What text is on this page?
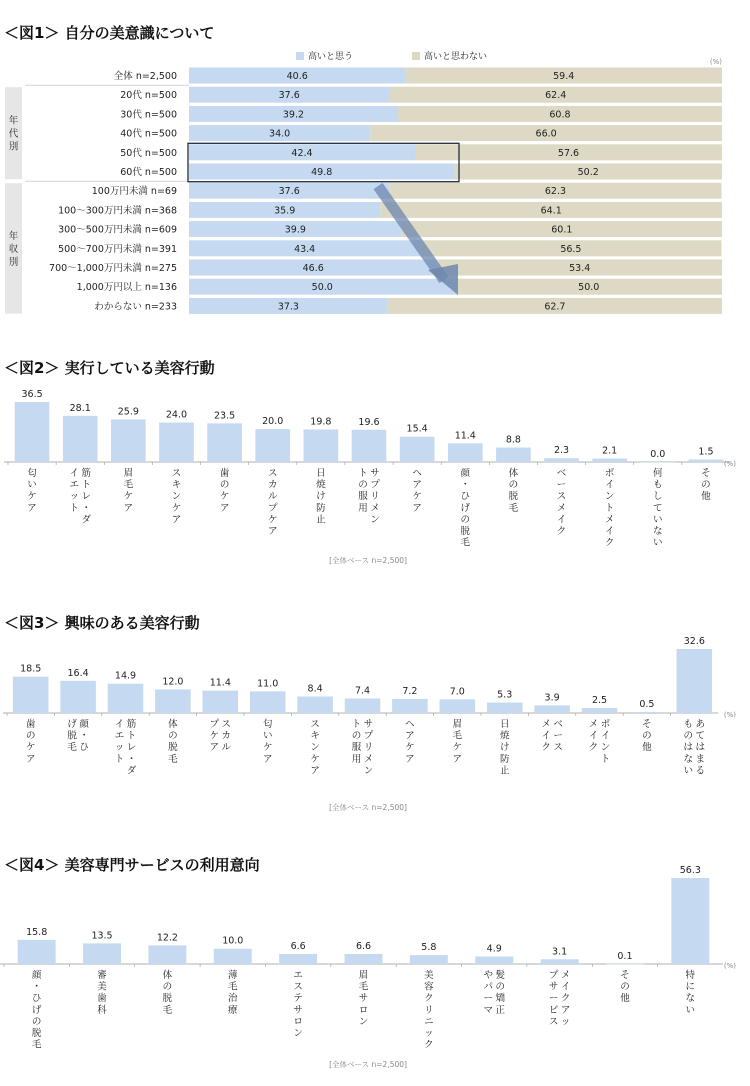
＜図1＞ 自分の美意識について
高いと思う	高いと思わない	(%)
年
代
別
年
収
別
全体 n=2,500	40.6	59.4
20代 n=500	37.6	62.4
30代 n=500	39.2	60.8
40代 n=500	34.0	66.0
50代 n=500	42.4	57.6
60代 n=500	49.8	50.2
100万円未満 n=69	37.6	62.3
100～300万円未満 n=368	35.9	64.1
300～500万円未満 n=609	39.9	60.1
500～700万円未満 n=391	43.4	56.5
700～1,000万円未満 n=275	46.6	53.4
1,000万円以上 n=136	50.0	50.0
わからない n=233	37.3	62.7
＜図2＞ 実行している美容行動
(%)
36.5
匂
い
ケ
ア
28.1
筋
ト
レ
・
ダ
イ
エ
ッ
ト
25.9
眉
毛
ケ
ア
24.0
ス
キ
ン
ケ
ア
23.5
歯
の
ケ
ア
20.0
ス
カ
ル
プ
ケ
ア
19.8
日
焼
け
防
止
19.6
サ
プ
リ
メ
ン
ト
の
服
用
15.4
ヘ
ア
ケ
ア
11.4
顔
・
ひ
げ
の
脱
毛
8.8
体
の
脱
毛
2.3
ベ
ー
ス
メ
イ
ク
2.1
ポ
イ
ン
ト
メ
イ
ク
0.0
何
も
し
て
い
な
い
1.5
そ
の
他
[全体ベース n=2,500]
＜図3＞ 興味のある美容行動
(%)
18.5
歯
の
ケ
ア
16.4
顔
・
ひ
げ
脱
毛
14.9
筋
ト
レ
・
ダ
イ
エ
ッ
ト
12.0
体
の
脱
毛
11.4
ス
カ
ル
プ
ケ
ア
11.0
匂
い
ケ
ア
8.4
ス
キ
ン
ケ
ア
7.4
サ
プ
リ
メ
ン
ト
の
服
用
7.2
ヘ
ア
ケ
ア
7.0
眉
毛
ケ
ア
5.3
日
焼
け
防
止
3.9
ベ
ー
ス
メ
イ
ク
2.5
ポ
イ
ン
ト
メ
イ
ク
0.5
そ
の
他
32.6
あ
て
は
ま
る
も
の
は
な
い
[全体ベース n=2,500]
＜図4＞ 美容専門サービスの利用意向
(%)
15.8
顔
・
ひ
げ
の
脱
毛
13.5
審
美
歯
科
12.2
体
の
脱
毛
10.0
薄
毛
治
療
6.6
エ
ス
テ
サ
ロ
ン
6.6
眉
毛
サ
ロ
ン
5.8
美
容
ク
リ
ニ
ッ
ク
4.9
髪
の
矯
正
や
パ
ー
マ
3.1
メ
イ
ク
ア
ッ
プ
サ
ー
ビ
ス
0.1
そ
の
他
56.3
特
に
な
い
[全体ベース n=2,500]
